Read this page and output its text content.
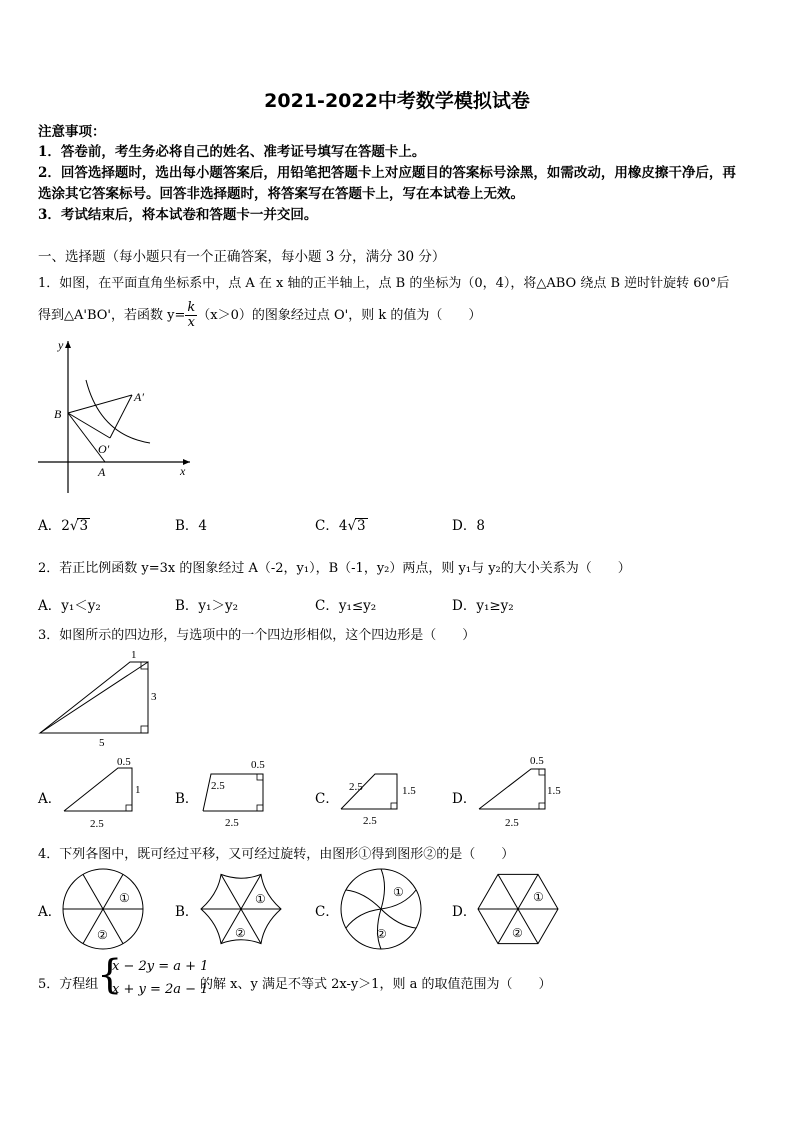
2021-2022中考数学模拟试卷
注意事项：
1．答卷前，考生务必将自己的姓名、准考证号填写在答题卡上。
2．回答选择题时，选出每小题答案后，用铅笔把答题卡上对应题目的答案标号涂黑，如需改动，用橡皮擦干净后，再
选涂其它答案标号。回答非选择题时，将答案写在答题卡上，写在本试卷上无效。
3．考试结束后，将本试卷和答题卡一并交回。
一、选择题（每小题只有一个正确答案，每小题 3 分，满分 30 分）
1．如图，在平面直角坐标系中，点 A 在 x 轴的正半轴上，点 B 的坐标为（0，4），将△ABO 绕点 B 逆时针旋转 60°后
得到△A'BO'，若函数 $y= \frac{k}{x} (x>0)$的图象经过点 O'，则 k 的值为（　　）
y
x
B
A
A′
O′
A．2√3	B．4	C．4√3	D．8
2．若正比例函数 y=3x 的图象经过 A（-2，y₁），B（-1，y₂）两点，则 y₁与 y₂的大小关系为（　　）
A．y₁＜y₂	B．y₁＞y₂	C．y₁≤y₂	D．y₁≥y₂
3．如图所示的四边形，与选项中的一个四边形相似，这个四边形是（　　）
1
3
5
A．
0.5
1
2.5
B．
0.5
2.5
2.5
C．
2.5	1.5
2.5
D．
0.5
1.5
2.5
4．下列各图中，既可经过平移，又可经过旋转，由图形①得到图形②的是（　　）
A．
①
②
B．
①
②
C．
①
②
D．
①
②
5．方程组
{
x − 2y = a + 1
x + y = 2a − 1
的解 x、y 满足不等式 2x-y＞1，则 a 的取值范围为（　　）
